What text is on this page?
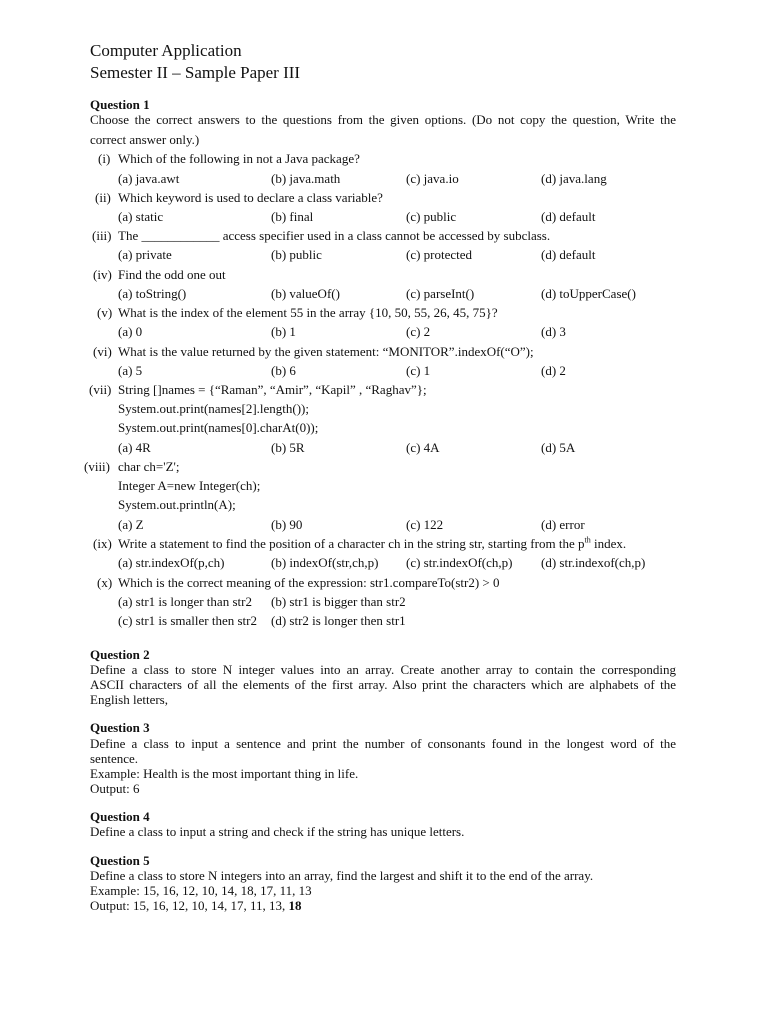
Computer Application
Semester II – Sample Paper III
Question 1
Choose the correct answers to the questions from the given options. (Do not copy the question, Write the
correct answer only.)
(i) Which of the following in not a Java package?
(a) java.awt	(b) java.math	(c) java.io	(d) java.lang
(ii) Which keyword is used to declare a class variable?
(a) static	(b) final	(c) public	(d) default
(iii) The ____________ access specifier used in a class cannot be accessed by subclass.
(a) private	(b) public	(c) protected	(d) default
(iv) Find the odd one out
(a) toString()	(b) valueOf()	(c) parseInt()	(d) toUpperCase()
(v) What is the index of the element 55 in the array {10, 50, 55, 26, 45, 75}?
(a) 0	(b) 1	(c) 2	(d) 3
(vi) What is the value returned by the given statement: “MONITOR”.indexOf(“O”);
(a) 5	(b) 6	(c) 1	(d) 2
(vii) String []names = {“Raman”, “Amir”, “Kapil” , “Raghav”};
System.out.print(names[2].length());
System.out.print(names[0].charAt(0));
(a) 4R	(b) 5R	(c) 4A	(d) 5A
(viii) char ch='Z';
Integer A=new Integer(ch);
System.out.println(A);
(a) Z	(b) 90	(c) 122	(d) error
(ix) Write a statement to find the position of a character ch in the string str, starting from the $p^{th}$ index.
(a) str.indexOf(p,ch)	(b) indexOf(str,ch,p) (c) str.indexOf(ch,p) (d) str.indexof(ch,p)
(x) Which is the correct meaning of the expression: str1.compareTo(str2) > 0
(a) str1 is longer than str2 (b) str1 is bigger than str2
(c) str1 is smaller then str2 (d) str2 is longer then str1
Question 2
Define a class to store N integer values into an array. Create another array to contain the corresponding
ASCII characters of all the elements of the first array. Also print the characters which are alphabets of the
English letters,
Question 3
Define a class to input a sentence and print the number of consonants found in the longest word of the
sentence.
Example: Health is the most important thing in life.
Output: 6
Question 4
Define a class to input a string and check if the string has unique letters.
Question 5
Define a class to store N integers into an array, find the largest and shift it to the end of the array.
Example: 15, 16, 12, 10, 14, 18, 17, 11, 13
Output: 15, 16, 12, 10, 14, 17, 11, 13, 18
